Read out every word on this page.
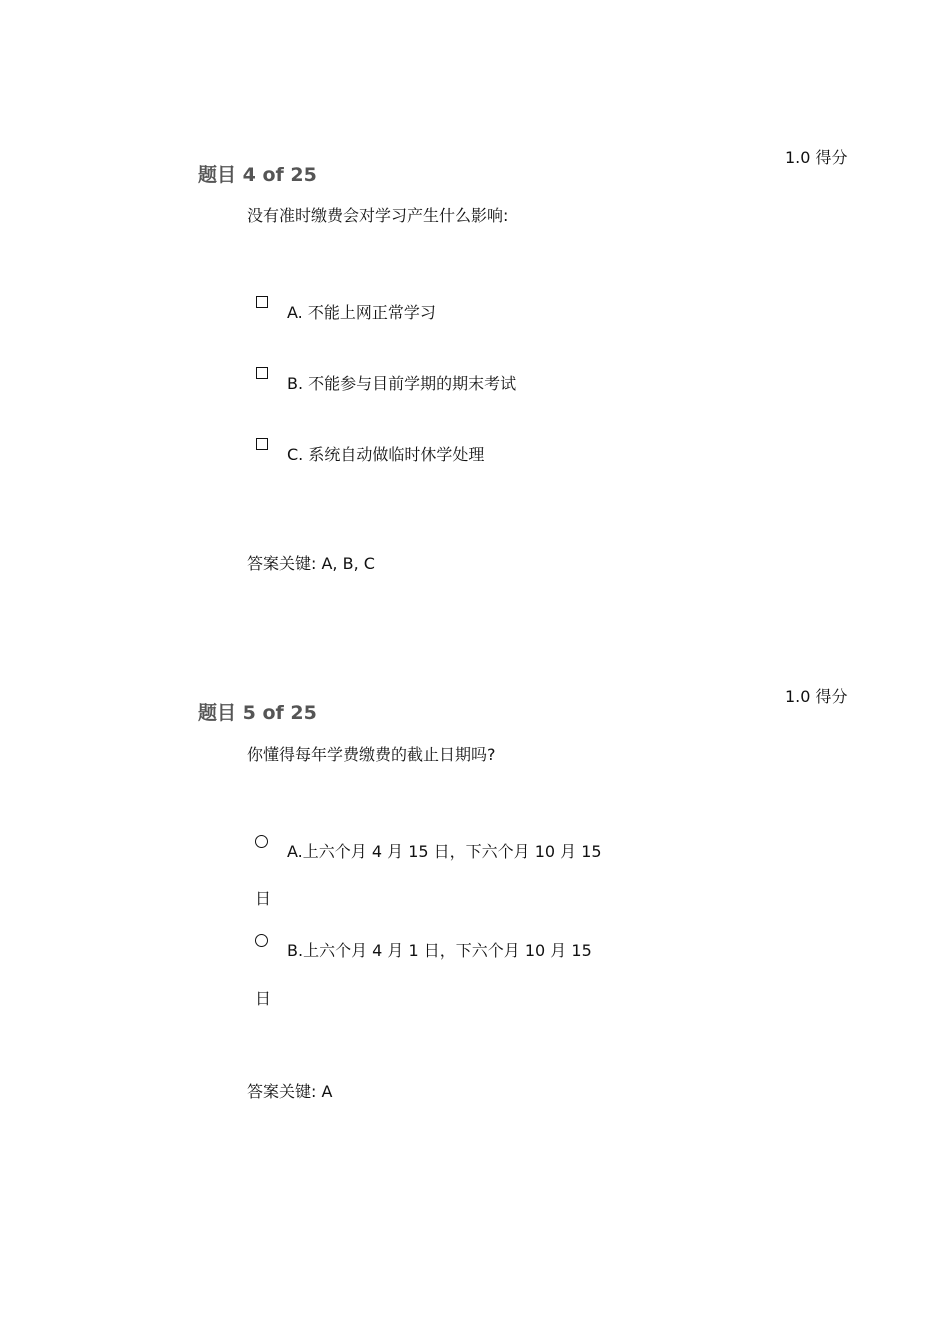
1.0 得分
题目 4 of 25
没有准时缴费会对学习产生什么影响:
A. 不能上网正常学习
B. 不能参与目前学期的期末考试
C. 系统自动做临时休学处理
答案关键: A, B, C
1.0 得分
题目 5 of 25
你懂得每年学费缴费的截止日期吗?
A.上六个月 4 月 15 日，下六个月 10 月 15
日
B.上六个月 4 月 1 日，下六个月 10 月 15
日
答案关键: A
